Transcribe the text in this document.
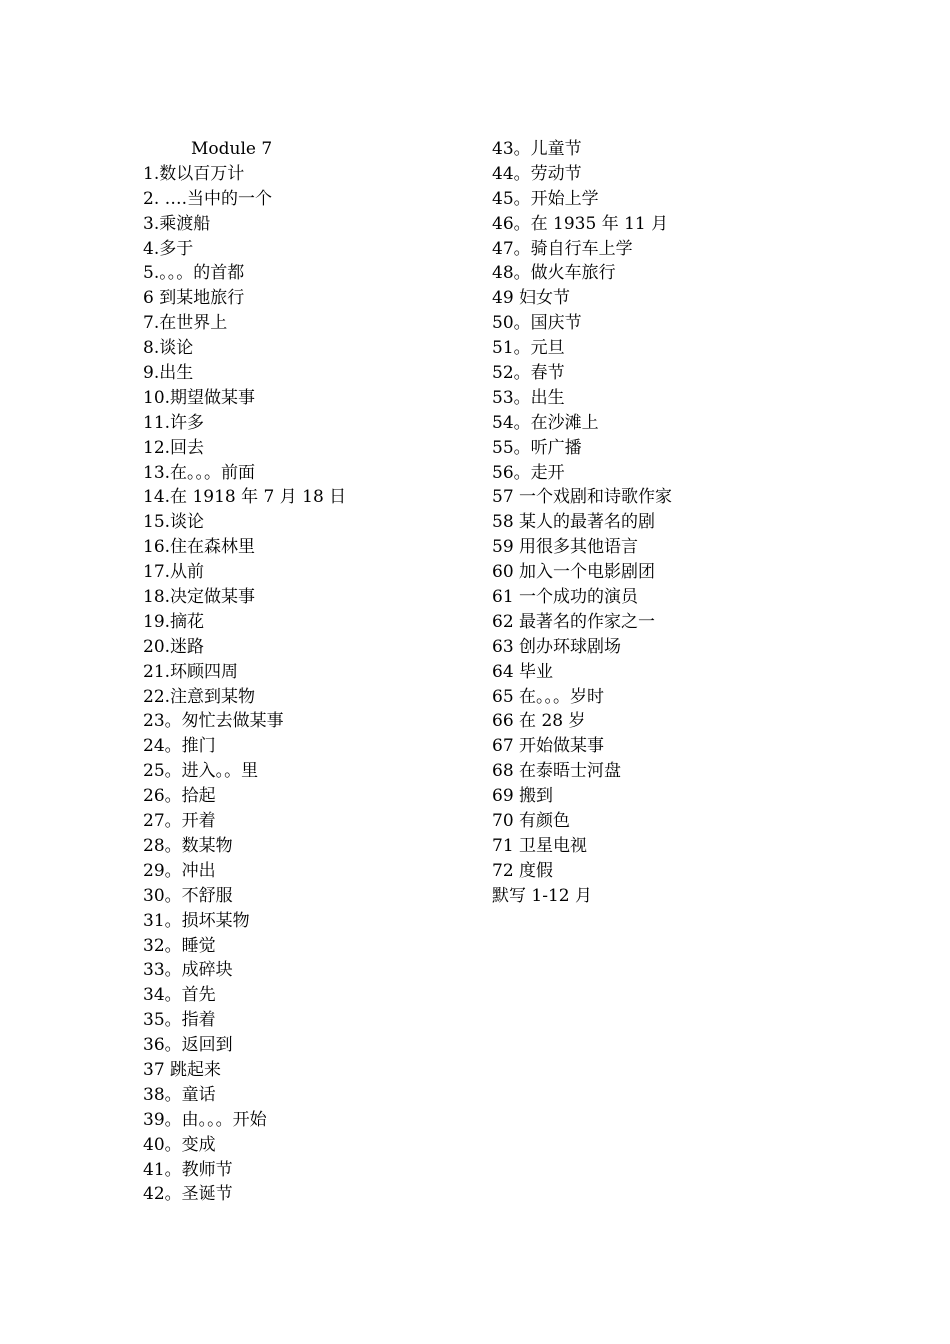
Module 7
1.数以百万计
2. ….当中的一个
3.乘渡船
4.多于
5.。。。的首都
6 到某地旅行
7.在世界上
8.谈论
9.出生
10.期望做某事
11.许多
12.回去
13.在。。。前面
14.在 1918 年 7 月 18 日
15.谈论
16.住在森林里
17.从前
18.决定做某事
19.摘花
20.迷路
21.环顾四周
22.注意到某物
23。匆忙去做某事
24。推门
25。进入。。里
26。拾起
27。开着
28。数某物
29。冲出
30。不舒服
31。损坏某物
32。睡觉
33。成碎块
34。首先
35。指着
36。返回到
37 跳起来
38。童话
39。由。。。开始
40。变成
41。教师节
42。圣诞节
43。儿童节
44。劳动节
45。开始上学
46。在 1935 年 11 月
47。骑自行车上学
48。做火车旅行
49 妇女节
50。国庆节
51。元旦
52。春节
53。出生
54。在沙滩上
55。听广播
56。走开
57 一个戏剧和诗歌作家
58 某人的最著名的剧
59 用很多其他语言
60 加入一个电影剧团
61 一个成功的演员
62 最著名的作家之一
63 创办环球剧场
64 毕业
65 在。。。岁时
66 在 28 岁
67 开始做某事
68 在泰晤士河盘
69 搬到
70 有颜色
71 卫星电视
72 度假
默写 1-12 月
